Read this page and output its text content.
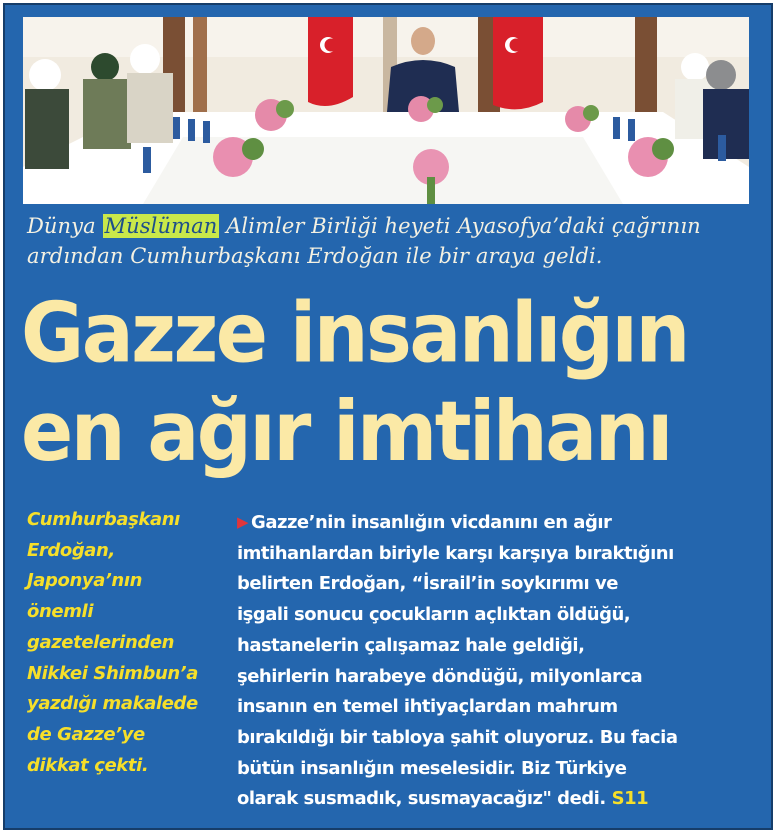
Dünya Müslüman Alimler Birliği heyeti Ayasofya’daki çağrının
ardından Cumhurbaşkanı Erdoğan ile bir araya geldi.
Gazze insanlığın
en ağır imtihanı
Cumhurbaşkanı
Erdoğan,
Japonya’nın
önemli
gazetelerinden
Nikkei Shimbun’a
yazdığı makalede
de Gazze’ye
dikkat çekti.
▶ Gazze’nin insanlığın vicdanını en ağır
imtihanlardan biriyle karşı karşıya bıraktığını
belirten Erdoğan, “İsrail’in soykırımı ve
işgali sonucu çocukların açlıktan öldüğü,
hastanelerin çalışamaz hale geldiği,
şehirlerin harabeye döndüğü, milyonlarca
insanın en temel ihtiyaçlardan mahrum
bırakıldığı bir tabloya şahit oluyoruz. Bu facia
bütün insanlığın meselesidir. Biz Türkiye
olarak susmadık, susmayacağız" dedi. S11
